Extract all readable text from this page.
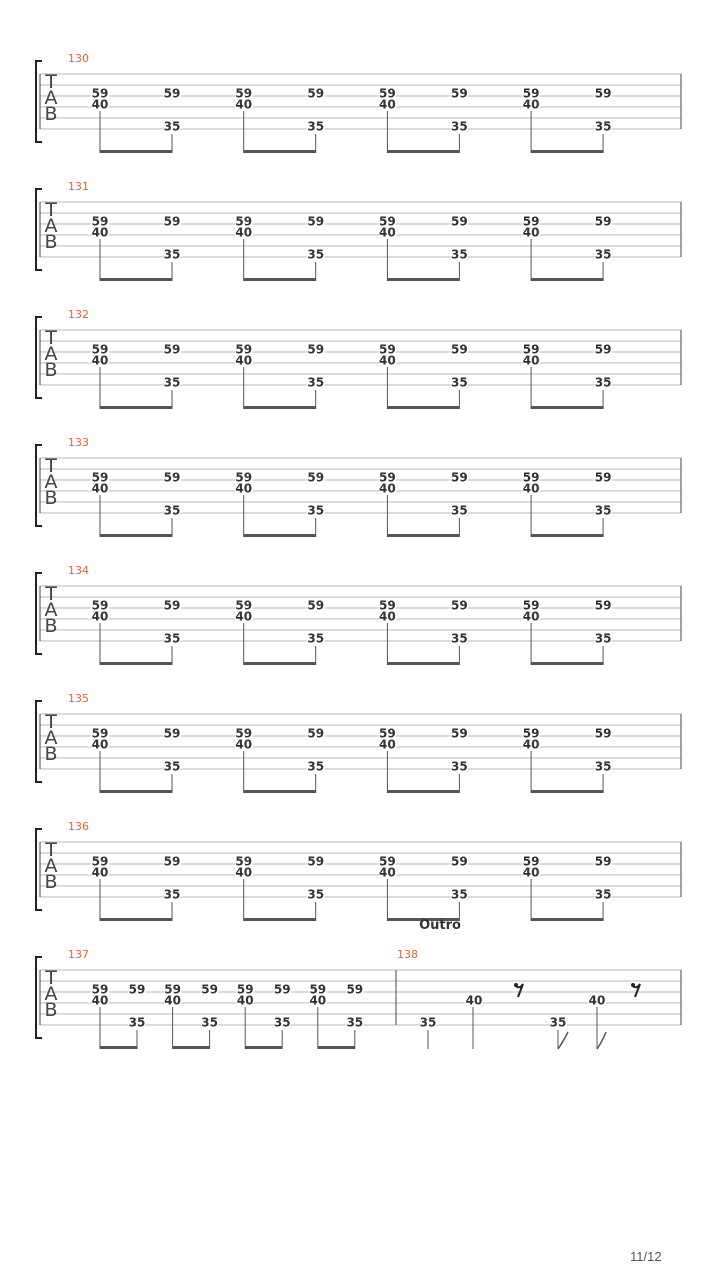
T
A
B
130
59
40
59
35
59
40
59
35
59
40
59
35
59
40
59
35
T
A
B
131
59
40
59
35
59
40
59
35
59
40
59
35
59
40
59
35
T
A
B
132
59
40
59
35
59
40
59
35
59
40
59
35
59
40
59
35
T
A
B
133
59
40
59
35
59
40
59
35
59
40
59
35
59
40
59
35
T
A
B
134
59
40
59
35
59
40
59
35
59
40
59
35
59
40
59
35
T
A
B
135
59
40
59
35
59
40
59
35
59
40
59
35
59
40
59
35
T
A
B
136
59
40
59
35
59
40
59
35
59
40
59
35
59
40
59
35
T
A
B
137
59
40
59
35
59
40
59
35
59
40
59
35
59
40
59
35
138
Outro
35
40
35
40
11/12
